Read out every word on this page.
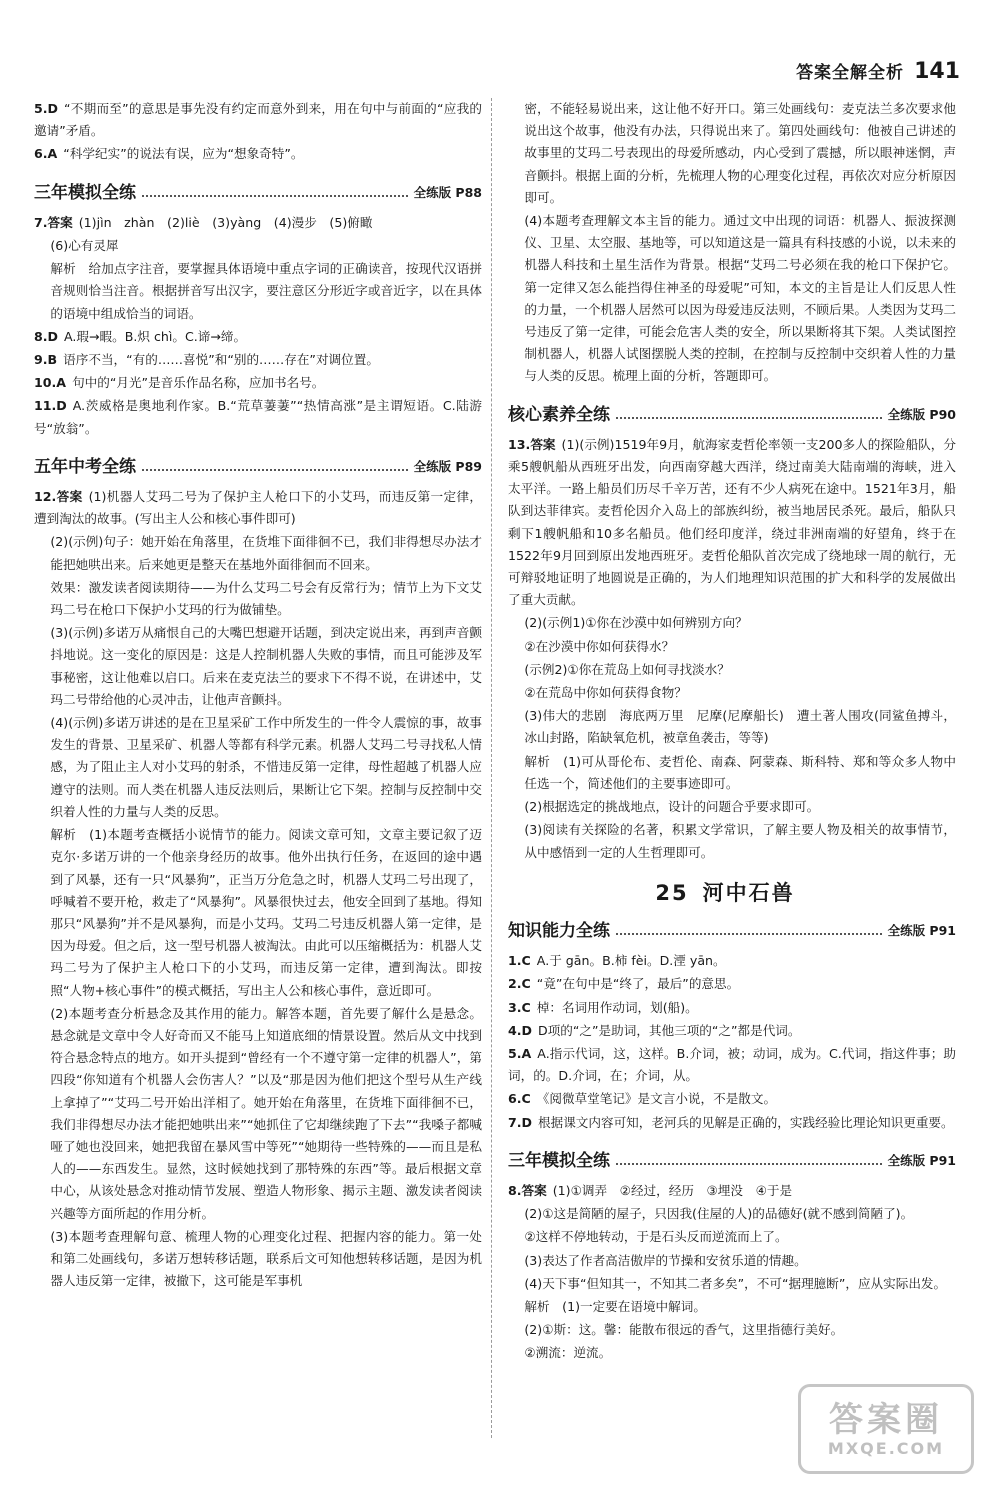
答案全解全析 141

5.D “不期而至”的意思是事先没有约定而意外到来，用在句中与前面的“应我的邀请”矛盾。

6.A “科学纪实”的说法有误，应为“想象奇特”。

三年模拟全练	全练版 P88

7.答案 (1)jìn　zhàn　(2)liè　(3)yàng　(4)漫步　(5)俯瞰

(6)心有灵犀

解析　给加点字注音，要掌握具体语境中重点字词的正确读音，按现代汉语拼音规则恰当注音。根据拼音写出汉字，要注意区分形近字或音近字，以在具体的语境中组成恰当的词语。

8.D A.瑕→暇。B.炽 chì。C.谛→缔。

9.B 语序不当，“有的……喜悦”和“别的……存在”对调位置。

10.A 句中的“月光”是音乐作品名称，应加书名号。

11.D A.茨威格是奥地利作家。B.“荒草萋萋”“热情高涨”是主谓短语。C.陆游号“放翁”。

五年中考全练	全练版 P89

12.答案 (1)机器人艾玛二号为了保护主人枪口下的小艾玛，而违反第一定律，遭到淘汰的故事。(写出主人公和核心事件即可)

(2)(示例)句子：她开始在角落里，在货堆下面徘徊不已，我们非得想尽办法才能把她哄出来。后来她更是整天在基地外面徘徊而不回来。

效果：激发读者阅读期待——为什么艾玛二号会有反常行为；情节上为下文艾玛二号在枪口下保护小艾玛的行为做铺垫。

(3)(示例)多诺万从痛恨自己的大嘴巴想避开话题，到决定说出来，再到声音颤抖地说。这一变化的原因是：这是人控制机器人失败的事情，而且可能涉及军事秘密，这让他难以启口。后来在麦克法兰的要求下不得不说，在讲述中，艾玛二号带给他的心灵冲击，让他声音颤抖。

(4)(示例)多诺万讲述的是在卫星采矿工作中所发生的一件令人震惊的事，故事发生的背景、卫星采矿、机器人等都有科学元素。机器人艾玛二号寻找私人情感，为了阻止主人对小艾玛的射杀，不惜违反第一定律，母性超越了机器人应遵守的法则。而人类在机器人违反法则后，果断让它下架。控制与反控制中交织着人性的力量与人类的反思。

解析　(1)本题考查概括小说情节的能力。阅读文章可知，文章主要记叙了迈克尔·多诺万讲的一个他亲身经历的故事。他外出执行任务，在返回的途中遇到了风暴，还有一只“风暴狗”，正当万分危急之时，机器人艾玛二号出现了，呼喊着不要开枪，救走了“风暴狗”。风暴很快过去，他安全回到了基地。得知那只“风暴狗”并不是风暴狗，而是小艾玛。艾玛二号违反机器人第一定律，是因为母爱。但之后，这一型号机器人被淘汰。由此可以压缩概括为：机器人艾玛二号为了保护主人枪口下的小艾玛，而违反第一定律，遭到淘汰。即按照“人物+核心事件”的模式概括，写出主人公和核心事件，意近即可。

(2)本题考查分析悬念及其作用的能力。解答本题，首先要了解什么是悬念。悬念就是文章中令人好奇而又不能马上知道底细的情景设置。然后从文中找到符合悬念特点的地方。如开头提到“曾经有一个不遵守第一定律的机器人”，第四段“你知道有个机器人会伤害人？”以及“那是因为他们把这个型号从生产线上拿掉了”“艾玛二号开始出洋相了。她开始在角落里，在货堆下面徘徊不已，我们非得想尽办法才能把她哄出来”“她抓住了它却继续跑了下去”“我嗓子都喊哑了她也没回来，她把我留在暴风雪中等死”“她期待一些特殊的——而且是私人的——东西发生。显然，这时候她找到了那特殊的东西”等。最后根据文章中心，从该处悬念对推动情节发展、塑造人物形象、揭示主题、激发读者阅读兴趣等方面所起的作用分析。

(3)本题考查理解句意、梳理人物的心理变化过程、把握内容的能力。第一处和第二处画线句，多诺万想转移话题，联系后文可知他想转移话题，是因为机器人违反第一定律，被撤下，这可能是军事机

密，不能轻易说出来，这让他不好开口。第三处画线句：麦克法兰多次要求他说出这个故事，他没有办法，只得说出来了。第四处画线句：他被自己讲述的故事里的艾玛二号表现出的母爱所感动，内心受到了震撼，所以眼神迷惘，声音颤抖。根据上面的分析，先梳理人物的心理变化过程，再依次对应分析原因即可。

(4)本题考查理解文本主旨的能力。通过文中出现的词语：机器人、振波探测仪、卫星、太空服、基地等，可以知道这是一篇具有科技感的小说，以未来的机器人科技和土星生活作为背景。根据“艾玛二号必须在我的枪口下保护它。第一定律又怎么能挡得住神圣的母爱呢”可知，本文的主旨是让人们反思人性的力量，一个机器人居然可以因为母爱违反法则，不顾后果。人类因为艾玛二号违反了第一定律，可能会危害人类的安全，所以果断将其下架。人类试图控制机器人，机器人试图摆脱人类的控制，在控制与反控制中交织着人性的力量与人类的反思。梳理上面的分析，答题即可。

核心素养全练	全练版 P90

13.答案 (1)(示例)1519年9月，航海家麦哲伦率领一支200多人的探险船队，分乘5艘帆船从西班牙出发，向西南穿越大西洋，绕过南美大陆南端的海峡，进入太平洋。一路上船员们历尽千辛万苦，还有不少人病死在途中。1521年3月，船队到达菲律宾。麦哲伦因介入岛上的部族纠纷，被当地居民杀死。最后，船队只剩下1艘帆船和10多名船员。他们经印度洋，绕过非洲南端的好望角，终于在1522年9月回到原出发地西班牙。麦哲伦船队首次完成了绕地球一周的航行，无可辩驳地证明了地圆说是正确的，为人们地理知识范围的扩大和科学的发展做出了重大贡献。

(2)(示例1)①你在沙漠中如何辨别方向？

②在沙漠中你如何获得水？

(示例2)①你在荒岛上如何寻找淡水？

②在荒岛中你如何获得食物？

(3)伟大的悲剧　海底两万里　尼摩(尼摩船长)　遭土著人围攻(同鲨鱼搏斗，冰山封路，陷缺氧危机，被章鱼袭击，等等)

解析　(1)可从哥伦布、麦哲伦、南森、阿蒙森、斯科特、郑和等众多人物中任选一个，简述他们的主要事迹即可。

(2)根据选定的挑战地点，设计的问题合乎要求即可。

(3)阅读有关探险的名著，积累文学常识，了解主要人物及相关的故事情节，从中感悟到一定的人生哲理即可。

25 河中石兽
知识能力全练	全练版 P91

1.C A.于 gān。B.柿 fèi。D.湮 yān。

2.C “竟”在句中是“终了，最后”的意思。

3.C 棹：名词用作动词，划(船)。

4.D D项的“之”是助词，其他三项的“之”都是代词。

5.A A.指示代词，这，这样。B.介词，被；动词，成为。C.代词，指这件事；助词，的。D.介词，在；介词，从。

6.C 《阅微草堂笔记》是文言小说，不是散文。

7.D 根据课文内容可知，老河兵的见解是正确的，实践经验比理论知识更重要。

三年模拟全练	全练版 P91

8.答案 (1)①调弄　②经过，经历　③埋没　④于是

(2)①这是简陋的屋子，只因我(住屋的人)的品德好(就不感到简陋了)。

②这样不停地转动，于是石头反而逆流而上了。

(3)表达了作者高洁傲岸的节操和安贫乐道的情趣。

(4)天下事“但知其一，不知其二者多矣”，不可“据理臆断”，应从实际出发。

解析　(1)一定要在语境中解词。

(2)①斯：这。馨：能散布很远的香气，这里指德行美好。

②溯流：逆流。

答案圈
MXQE.COM
